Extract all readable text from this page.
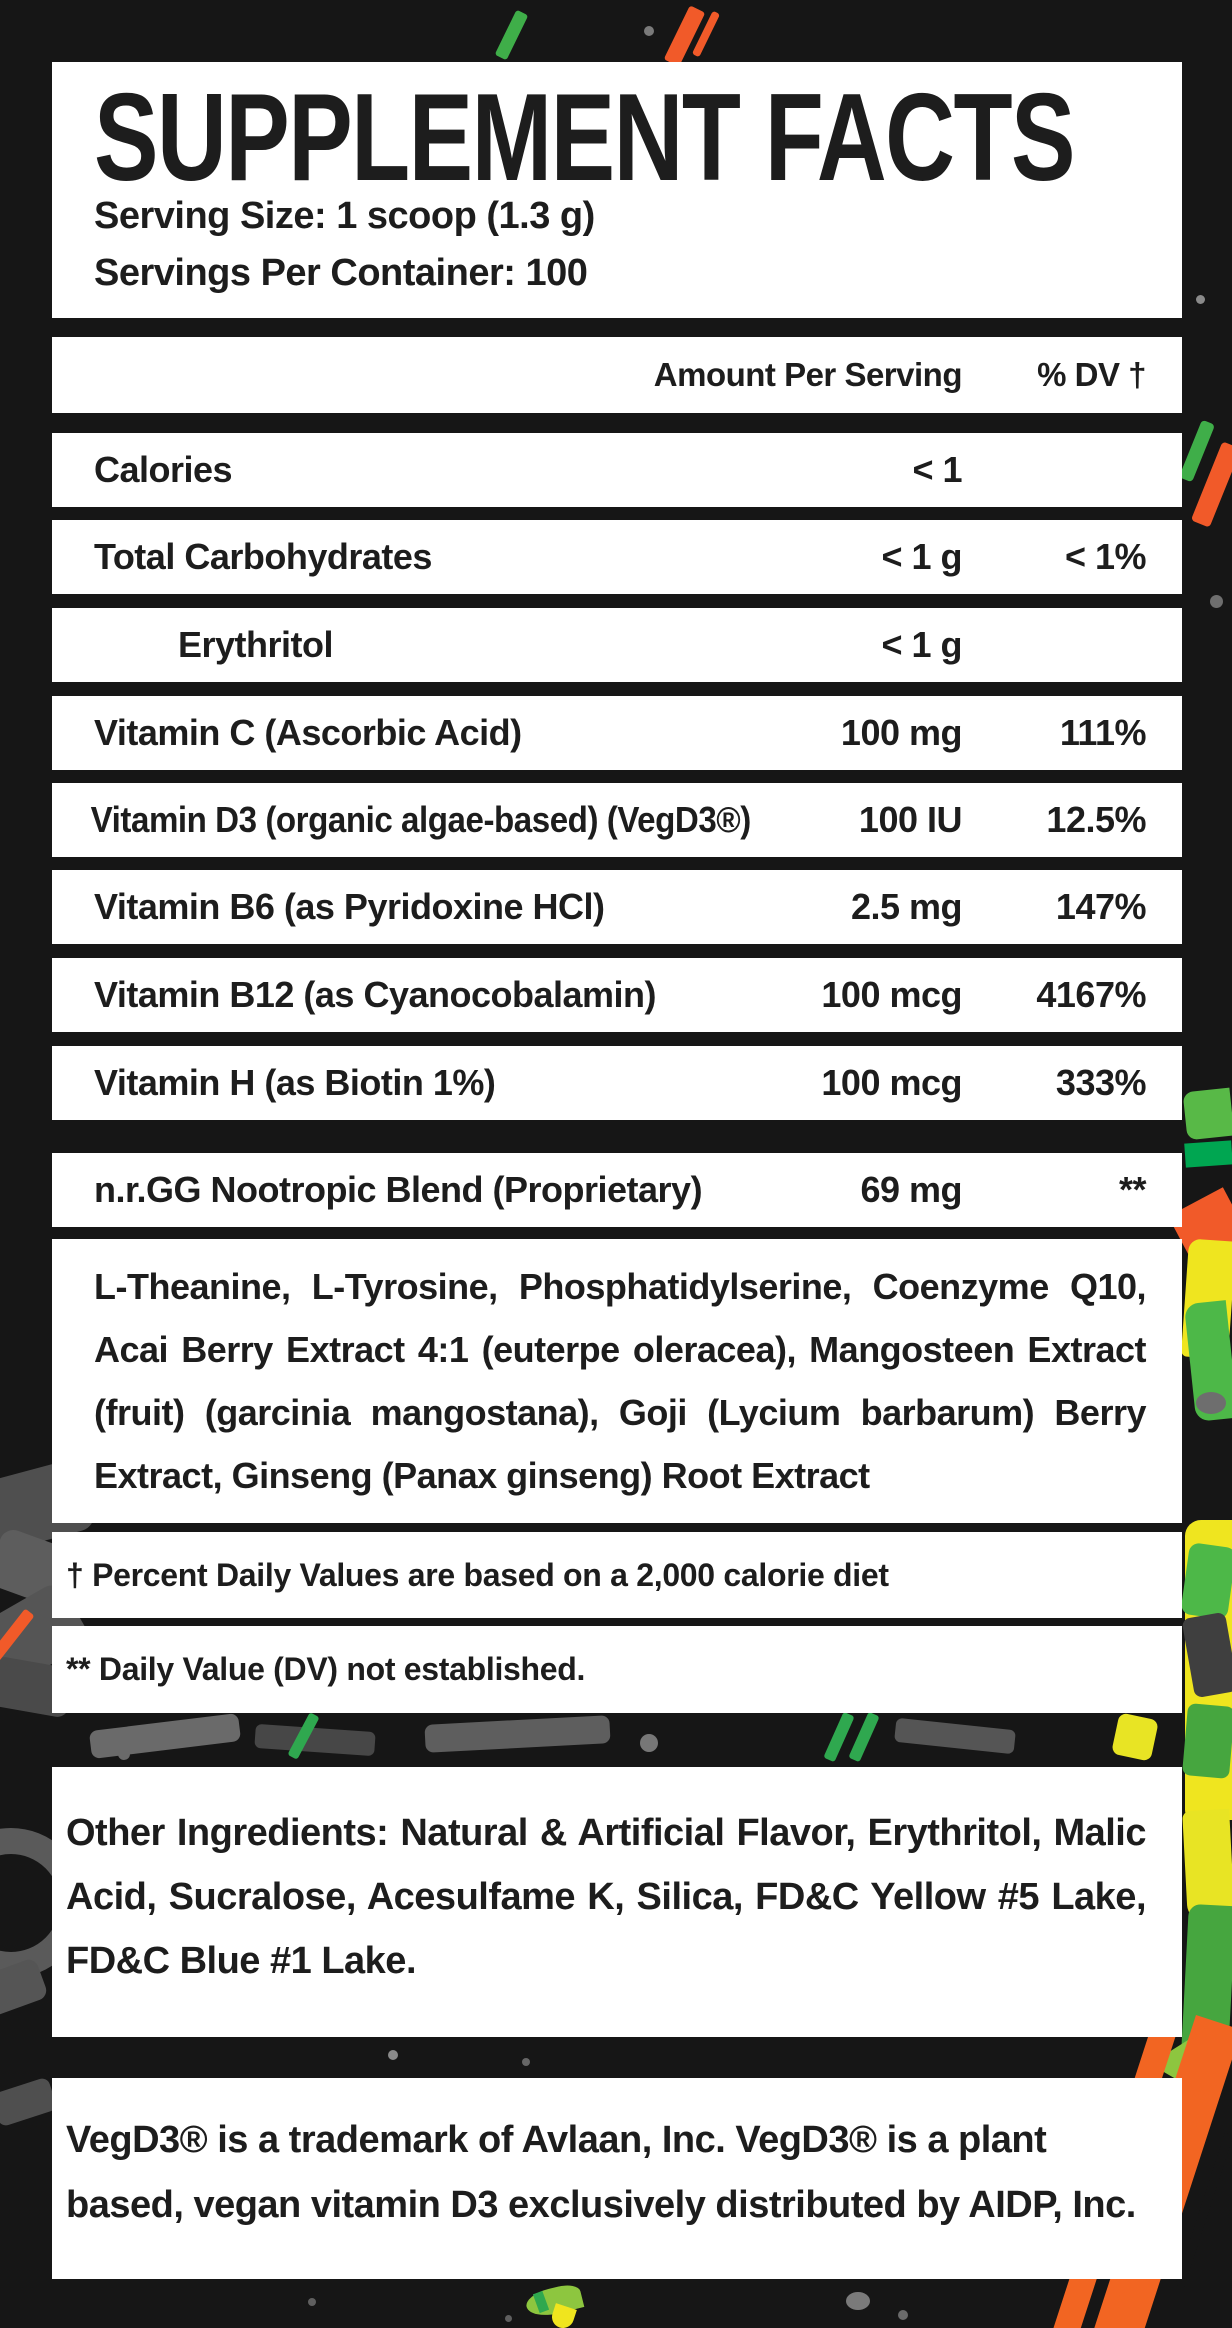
SUPPLEMENT FACTS
Serving Size: 1 scoop (1.3 g)
Servings Per Container: 100
Amount Per Serving % DV †
Calories	< 1
Total Carbohydrates	< 1 g	< 1%
Erythritol	< 1 g
Vitamin C (Ascorbic Acid)	100 mg	111%
Vitamin D3 (organic algae-based) (VegD3®)	100 IU 12.5%
Vitamin B6 (as Pyridoxine HCl)	2.5 mg	147%
Vitamin B12 (as Cyanocobalamin)	100 mcg 4167%
Vitamin H (as Biotin 1%)	100 mcg	333%
n.r.GG Nootropic Blend (Proprietary)	69 mg	**
L-Theanine, L-Tyrosine, Phosphatidylserine, Coenzyme Q10,
Acai Berry Extract 4:1 (euterpe oleracea), Mangosteen Extract
(fruit) (garcinia mangostana), Goji (Lycium barbarum) Berry
Extract, Ginseng (Panax ginseng) Root Extract
† Percent Daily Values are based on a 2,000 calorie diet
** Daily Value (DV) not established.
Other Ingredients: Natural & Artificial Flavor, Erythritol, Malic
Acid, Sucralose, Acesulfame K, Silica, FD&C Yellow #5 Lake,
FD&C Blue #1 Lake.
VegD3® is a trademark of Avlaan, Inc. VegD3® is a plant
based, vegan vitamin D3 exclusively distributed by AIDP, Inc.
